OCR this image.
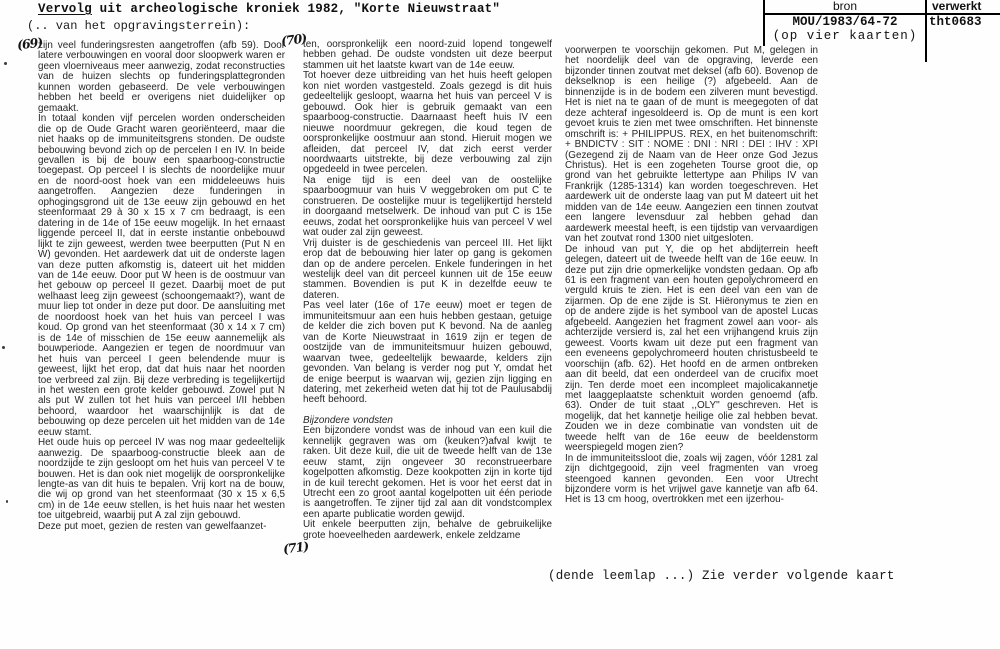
Vervolg uit archeologische kroniek 1982, "Korte Nieuwstraat"
(.. van het opgravingsterrein):
bron	verwerkt
MOU/1983/64-72
(op vier kaarten)
tht0683
(69)	(70)
(71)

zijn veel funderingsresten aangetroffen (afb 59). Door latere verbouwingen en vooral door sloopwerk waren er geen vloerniveaus meer aanwezig, zodat reconstructies van de huizen slechts op funderingsplattegronden kunnen worden gebaseerd. De vele verbouwingen hebben het beeld er overigens niet duidelijker op gemaakt.

In totaal konden vijf percelen worden onderscheiden die op de Oude Gracht waren georiënteerd, maar die niet haaks op de immuniteitsgrens stonden. De oudste bebouwing bevond zich op de percelen I en IV. In beide gevallen is bij de bouw een spaarboog-constructie toegepast. Op perceel I is slechts de noordelijke muur en de noord-oost hoek van een middeleeuws huis aangetroffen. Aangezien deze funderingen in ophogingsgrond uit de 13e eeuw zijn gebouwd en het steenformaat 29 à 30 x 15 x 7 cm bedraagt, is een datering in de 14e of 15e eeuw mogelijk. In het ernaast liggende perceel II, dat in eerste instantie onbebouwd lijkt te zijn geweest, werden twee beerputten (Put N en W) gevonden. Het aardewerk dat uit de onderste lagen van deze putten afkomstig is, dateert uit het midden van de 14e eeuw. Door put W heen is de oostmuur van het gebouw op perceel II gezet. Daarbij moet de put welhaast leeg zijn geweest (schoongemaakt?), want de muur liep tot onder in deze put door. De aansluiting met de noordoost hoek van het huis van perceel I was koud. Op grond van het steenformaat (30 x 14 x 7 cm) is de 14e of misschien de 15e eeuw aannemelijk als bouwperiode. Aangezien er tegen de noordmuur van het huis van perceel I geen belendende muur is geweest, lijkt het erop, dat dat huis naar het noorden toe verbreed zal zijn. Bij deze verbreding is tegelijkertijd in het westen een grote kelder gebouwd. Zowel put N als put W zullen tot het huis van perceel I/II hebben behoord, waardoor het waarschijnlijk is dat de bebouwing op deze percelen uit het midden van de 14e eeuw stamt.

Het oude huis op perceel IV was nog maar gedeeltelijk aanwezig. De spaarboog-constructie bleek aan de noordzijde te zijn gesloopt om het huis van perceel V te bouwen. Het is dan ook niet mogelijk de oorspronkelijke lengte-as van dit huis te bepalen. Vrij kort na de bouw, die wij op grond van het steenformaat (30 x 15 x 6,5 cm) in de 14e eeuw stellen, is het huis naar het westen toe uitgebreid, waarbij put A zal zijn gebouwd.

Deze put moet, gezien de resten van gewelfaanzet-

ten, oorspronkelijk een noord-zuid lopend tongewelf hebben gehad. De oudste vondsten uit deze beerput stammen uit het laatste kwart van de 14e eeuw.

Tot hoever deze uitbreiding van het huis heeft gelopen kon niet worden vastgesteld. Zoals gezegd is dit huis gedeeltelijk gesloopt, waarna het huis van perceel V is gebouwd. Ook hier is gebruik gemaakt van een spaarboog-constructie. Daarnaast heeft huis IV een nieuwe noordmuur gekregen, die koud tegen de oorspronkelijke oostmuur aan stond. Hieruit mogen we afleiden, dat perceel IV, dat zich eerst verder noordwaarts uitstrekte, bij deze verbouwing zal zijn opgedeeld in twee percelen.

Na enige tijd is een deel van de oostelijke spaarboogmuur van huis V weggebroken om put C te construeren. De oostelijke muur is tegelijkertijd hersteld in doorgaand metselwerk. De inhoud van put C is 15e eeuws, zodat het oorspronkelijke huis van perceel V wel wat ouder zal zijn geweest.

Vrij duister is de geschiedenis van perceel III. Het lijkt erop dat de bebouwing hier later op gang is gekomen dan op de andere percelen. Enkele funderingen in het westelijk deel van dit perceel kunnen uit de 15e eeuw stammen. Bovendien is put K in dezelfde eeuw te dateren.

Pas veel later (16e of 17e eeuw) moet er tegen de immuniteitsmuur aan een huis hebben gestaan, getuige de kelder die zich boven put K bevond. Na de aanleg van de Korte Nieuwstraat in 1619 zijn er tegen de oostzijde van de immuniteitsmuur huizen gebouwd, waarvan twee, gedeeltelijk bewaarde, kelders zijn gevonden. Van belang is verder nog put Y, omdat het de enige beerput is waarvan wij, gezien zijn ligging en datering, met zekerheid weten dat hij tot de Paulusabdij heeft behoord.

Bijzondere vondsten

Een bijzondere vondst was de inhoud van een kuil die kennelijk gegraven was om (keuken?)afval kwijt te raken. Uit deze kuil, die uit de tweede helft van de 13e eeuw stamt, zijn ongeveer 30 reconstrueerbare kogelpotten afkomstig. Deze kookpotten zijn in korte tijd in de kuil terecht gekomen. Het is voor het eerst dat in Utrecht een zo groot aantal kogelpotten uit één periode is aangetroffen. Te zijner tijd zal aan dit vondstcomplex een aparte publicatie worden gewijd.

Uit enkele beerputten zijn, behalve de gebruikelijke grote hoeveelheden aardewerk, enkele zeldzame

voorwerpen te voorschijn gekomen. Put M, gelegen in het noordelijk deel van de opgraving, leverde een bijzonder tinnen zoutvat met deksel (afb 60). Bovenop de dekselknop is een heilige (?) afgebeeld. Aan de binnenzijde is in de bodem een zilveren munt bevestigd. Het is niet na te gaan of de munt is meegegoten of dat deze achteraf ingesoldeerd is. Op de munt is een kort gevoet kruis te zien met twee omschriften. Het binnenste omschrift is: + PHILIPPUS. REX, en het buitenomschrift: + BNDICTV : SIT : NOME : DNI : NRI : DEI : IHV : XPI (Gezegend zij de Naam van de Heer onze God Jezus Christus). Het is een zogeheten Tourse groot die, op grond van het gebruikte lettertype aan Philips IV van Frankrijk (1285-1314) kan worden toegeschreven. Het aardewerk uit de onderste laag van put M dateert uit het midden van de 14e eeuw. Aangezien een tinnen zoutvat een langere levensduur zal hebben gehad dan aardewerk meestal heeft, is een tijdstip van vervaardigen van het zoutvat rond 1300 niet uitgesloten.

De inhoud van put Y, die op het abdijterrein heeft gelegen, dateert uit de tweede helft van de 16e eeuw. In deze put zijn drie opmerkelijke vondsten gedaan. Op afb 61 is een fragment van een houten gepolychromeerd en verguld kruis te zien. Het is een deel van een van de zijarmen. Op de ene zijde is St. Hiëronymus te zien en op de andere zijde is het symbool van de apostel Lucas afgebeeld. Aangezien het fragment zowel aan voor- als achterzijde versierd is, zal het een vrijhangend kruis zijn geweest. Voorts kwam uit deze put een fragment van een eveneens gepolychromeerd houten christusbeeld te voorschijn (afb. 62). Het hoofd en de armen ontbreken aan dit beeld, dat een onderdeel van de crucifix moet zijn. Ten derde moet een incompleet majolicakannetje met laaggeplaatste schenktuit worden genoemd (afb. 63). Onder de tuit staat ,,OLY'' geschreven. Het is mogelijk, dat het kannetje heilige olie zal hebben bevat. Zouden we in deze combinatie van vondsten uit de tweede helft van de 16e eeuw de beeldenstorm weerspiegeld mogen zien?

In de immuniteitssloot die, zoals wij zagen, vóór 1281 zal zijn dichtgegooid, zijn veel fragmenten van vroeg steengoed kannen gevonden. Een voor Utrecht bijzondere vorm is het vrijwel gave kannetje van afb 64. Het is 13 cm hoog, overtrokken met een ijzerhou-

(dende leemlap ...) Zie verder volgende kaart
